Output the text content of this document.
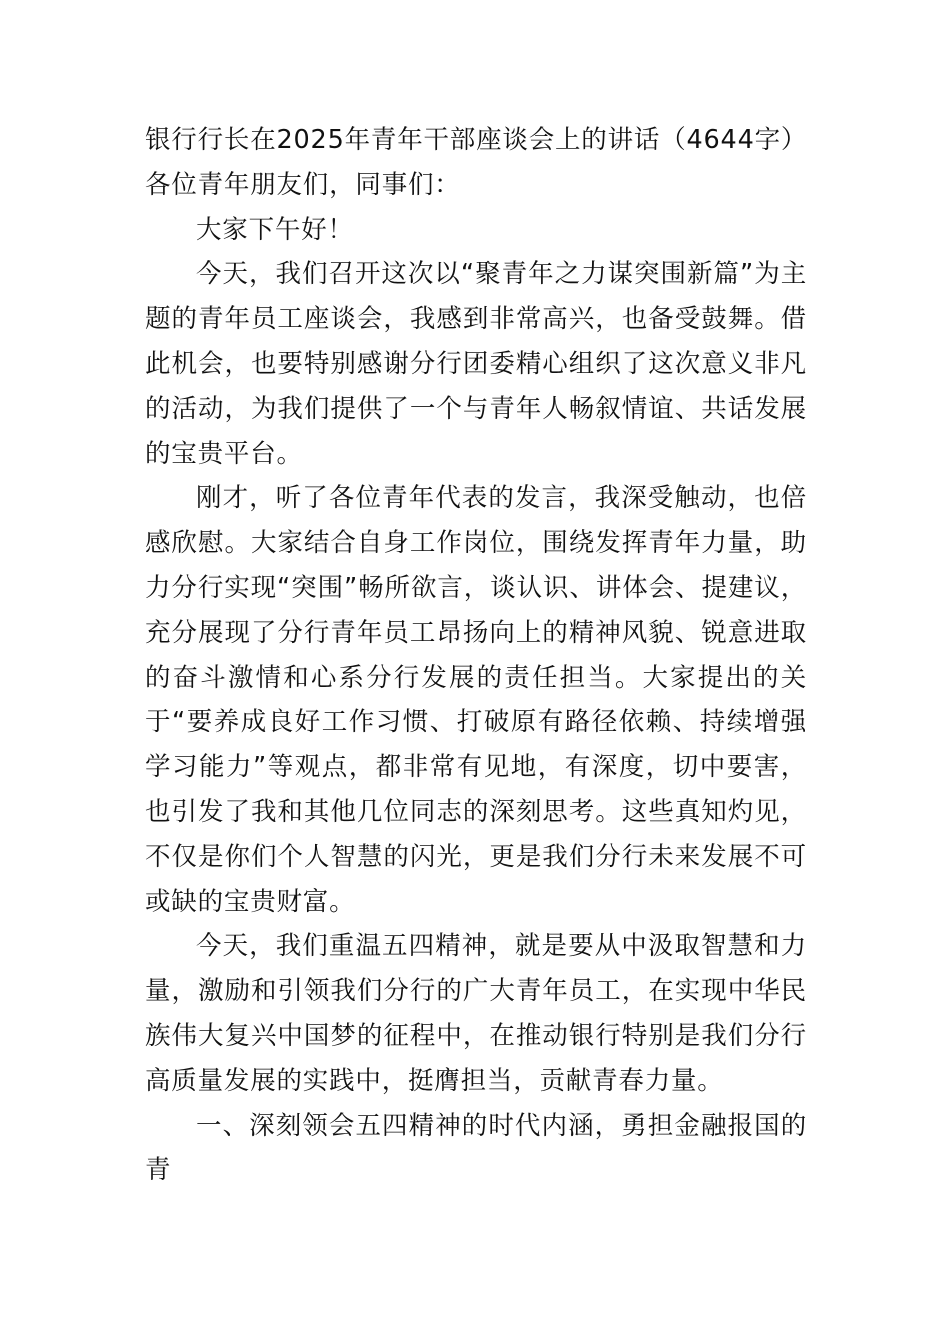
银行行长在2025年青年干部座谈会上的讲话（4644字）
各位青年朋友们，同事们：
大家下午好！
今天，我们召开这次以“聚青年之力谋突围新篇”为主题的青年员工座谈会，我感到非常高兴，也备受鼓舞。借此机会，也要特别感谢分行团委精心组织了这次意义非凡的活动，为我们提供了一个与青年人畅叙情谊、共话发展的宝贵平台。
刚才，听了各位青年代表的发言，我深受触动，也倍感欣慰。大家结合自身工作岗位，围绕发挥青年力量，助力分行实现“突围”畅所欲言，谈认识、讲体会、提建议，充分展现了分行青年员工昂扬向上的精神风貌、锐意进取的奋斗激情和心系分行发展的责任担当。大家提出的关于“要养成良好工作习惯、打破原有路径依赖、持续增强学习能力”等观点，都非常有见地，有深度，切中要害，也引发了我和其他几位同志的深刻思考。这些真知灼见，不仅是你们个人智慧的闪光，更是我们分行未来发展不可或缺的宝贵财富。
今天，我们重温五四精神，就是要从中汲取智慧和力量，激励和引领我们分行的广大青年员工，在实现中华民族伟大复兴中国梦的征程中，在推动银行特别是我们分行高质量发展的实践中，挺膺担当，贡献青春力量。
一、深刻领会五四精神的时代内涵，勇担金融报国的青
